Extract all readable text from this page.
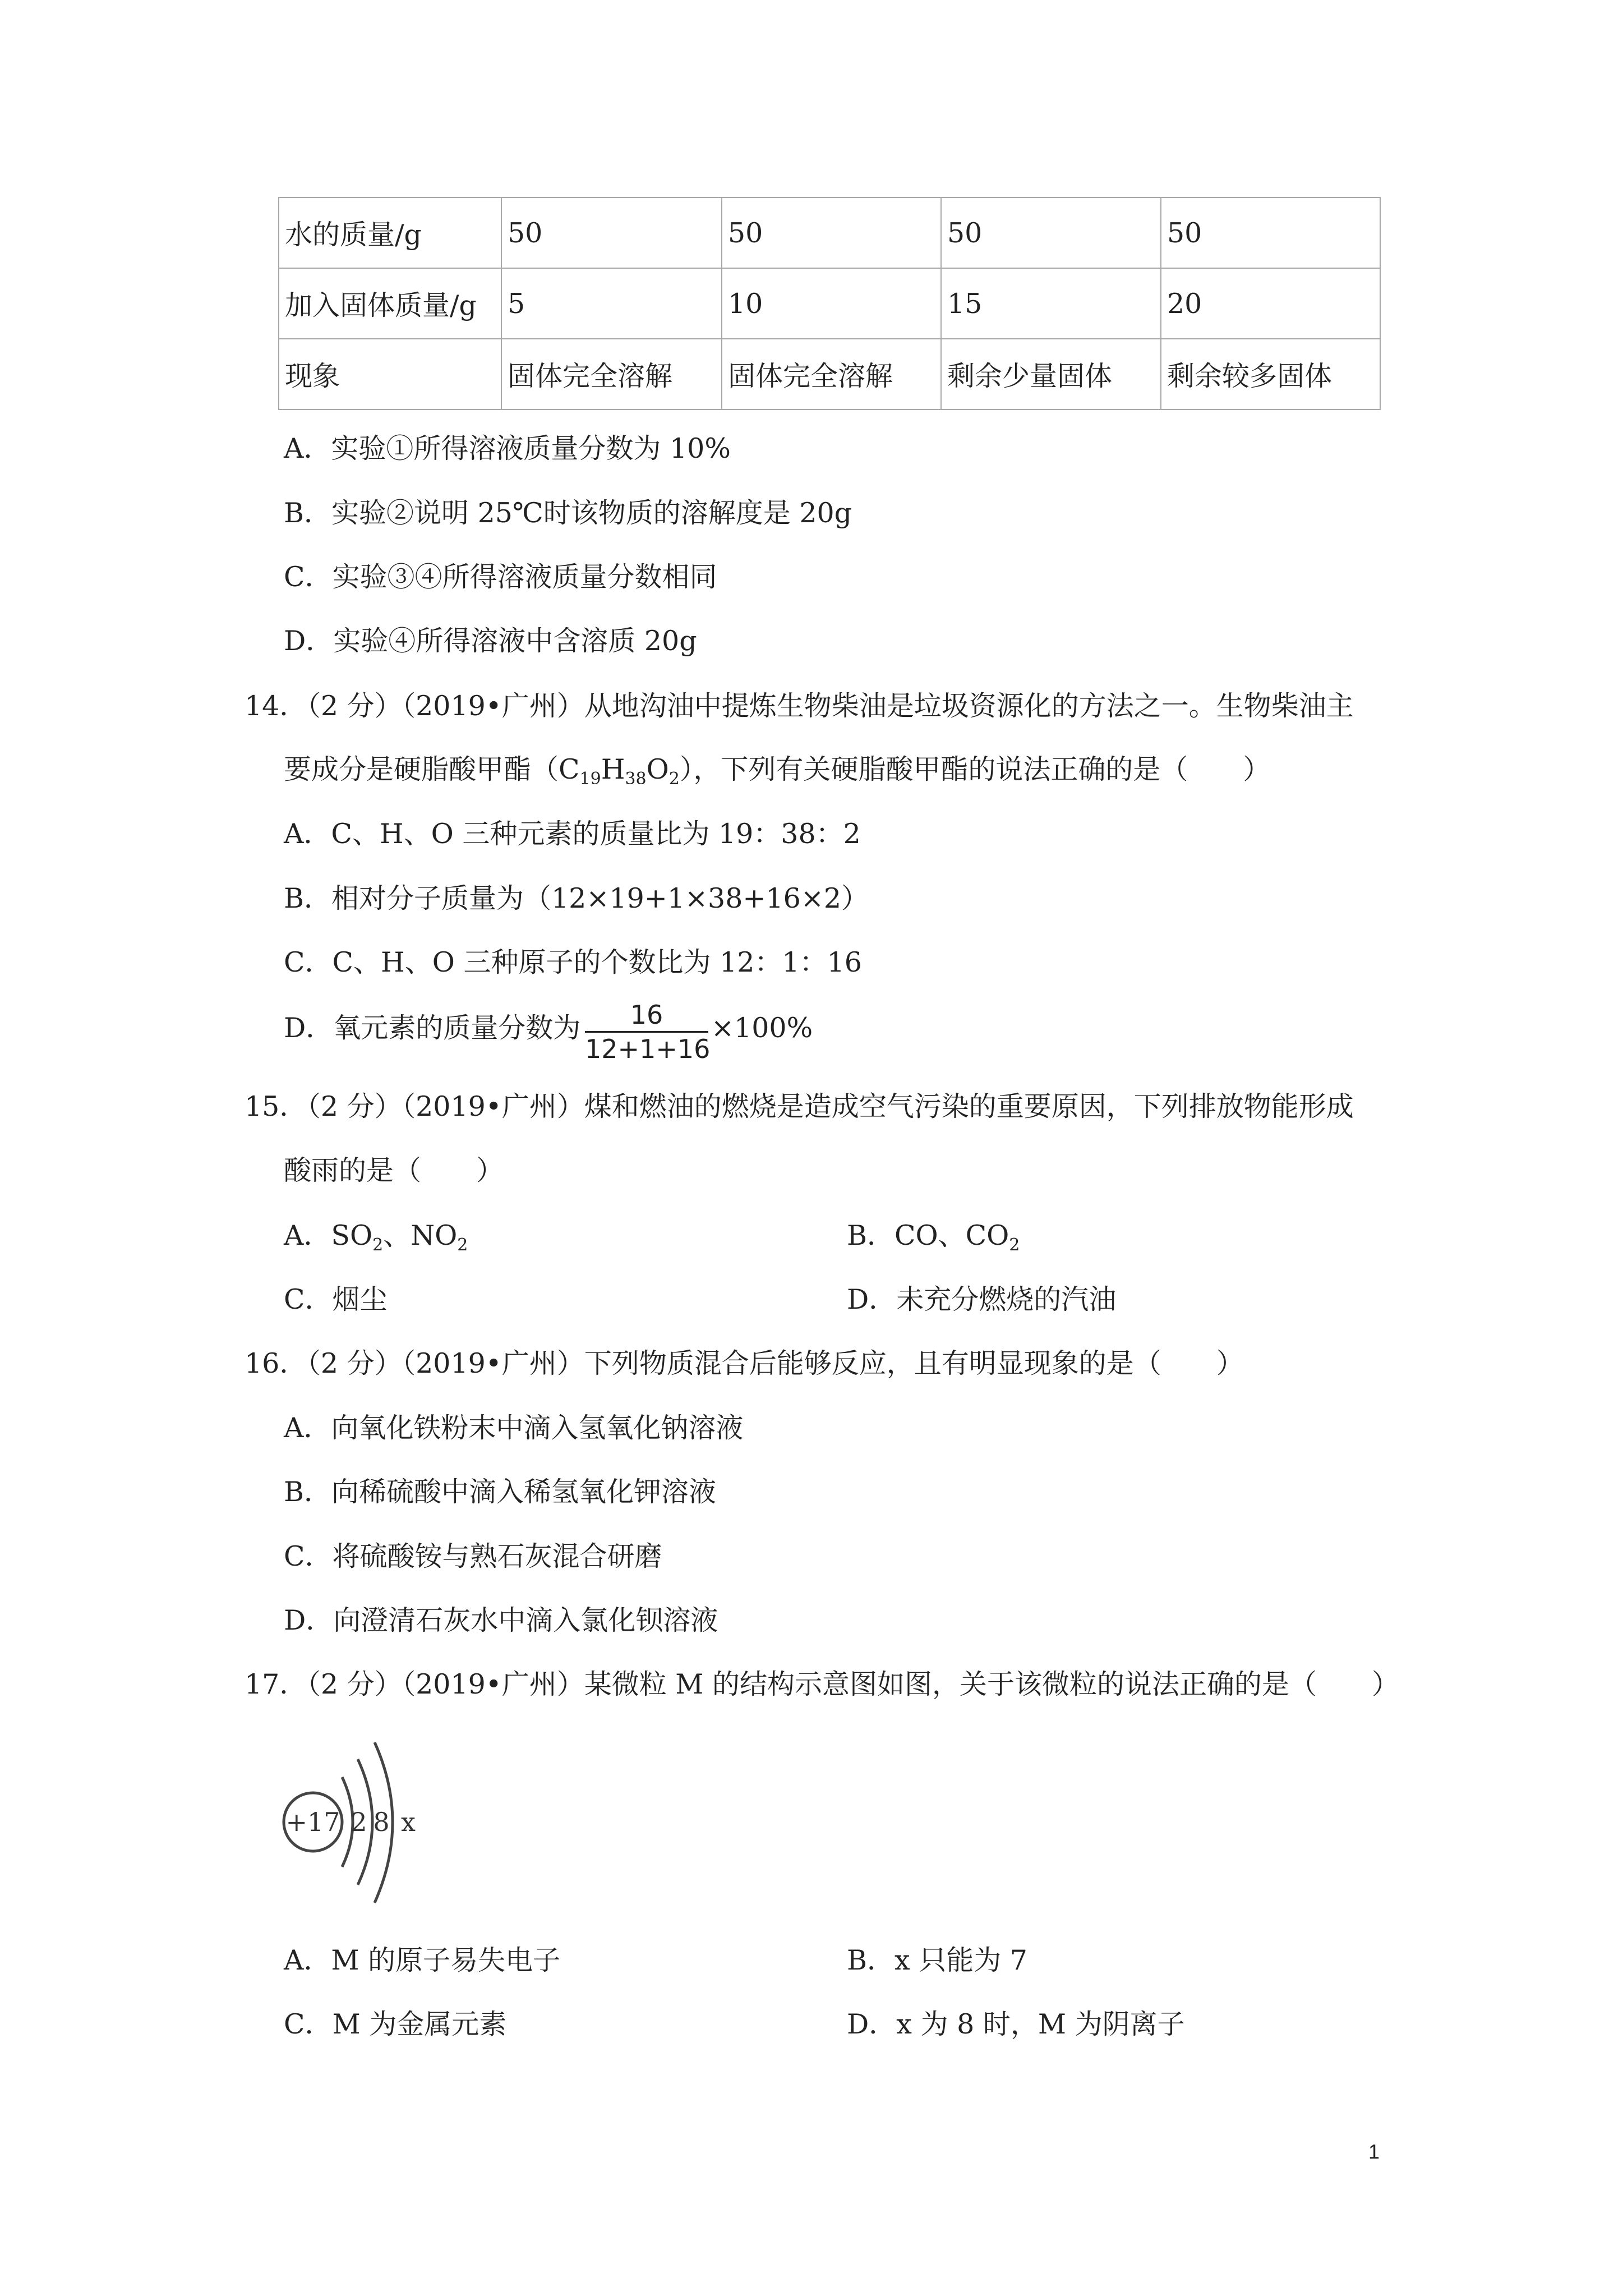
水的质量/g	50	50	50	50
加入固体质量/g	5	10	15	20
现象	固体完全溶解	固体完全溶解	剩余少量固体	剩余较多固体
A．实验①所得溶液质量分数为 10%
B．实验②说明 25℃时该物质的溶解度是 20g
C．实验③④所得溶液质量分数相同
D．实验④所得溶液中含溶质 20g
14．（2 分）（2019•广州）从地沟油中提炼生物柴油是垃圾资源化的方法之一。生物柴油主
要成分是硬脂酸甲酯$(C_{19}H_{38}O_2)$，下列有关硬脂酸甲酯的说法正确的是（　　）
A．C、H、O 三种元素的质量比为 19：38：2
B．相对分子质量为（12×19+1×38+16×2）
C．C、H、O 三种原子的个数比为 12：1：16
D．氧元素的质量分数为	16
12+1+16
×100%
15．（2 分）（2019•广州）煤和燃油的燃烧是造成空气污染的重要原因，下列排放物能形成
酸雨的是（　　）
A．$SO_2$、$NO_2$	B．CO、$CO_2$
C．烟尘	D．未充分燃烧的汽油
16．（2 分）（2019•广州）下列物质混合后能够反应，且有明显现象的是（　　）
A．向氧化铁粉末中滴入氢氧化钠溶液
B．向稀硫酸中滴入稀氢氧化钾溶液
C．将硫酸铵与熟石灰混合研磨
D．向澄清石灰水中滴入氯化钡溶液
17．（2 分）（2019•广州）某微粒 M 的结构示意图如图，关于该微粒的说法正确的是（　　）
+17 2 8 x
A．M 的原子易失电子	B．x 只能为 7
C．M 为金属元素	D．x 为 8 时，M 为阴离子
1
